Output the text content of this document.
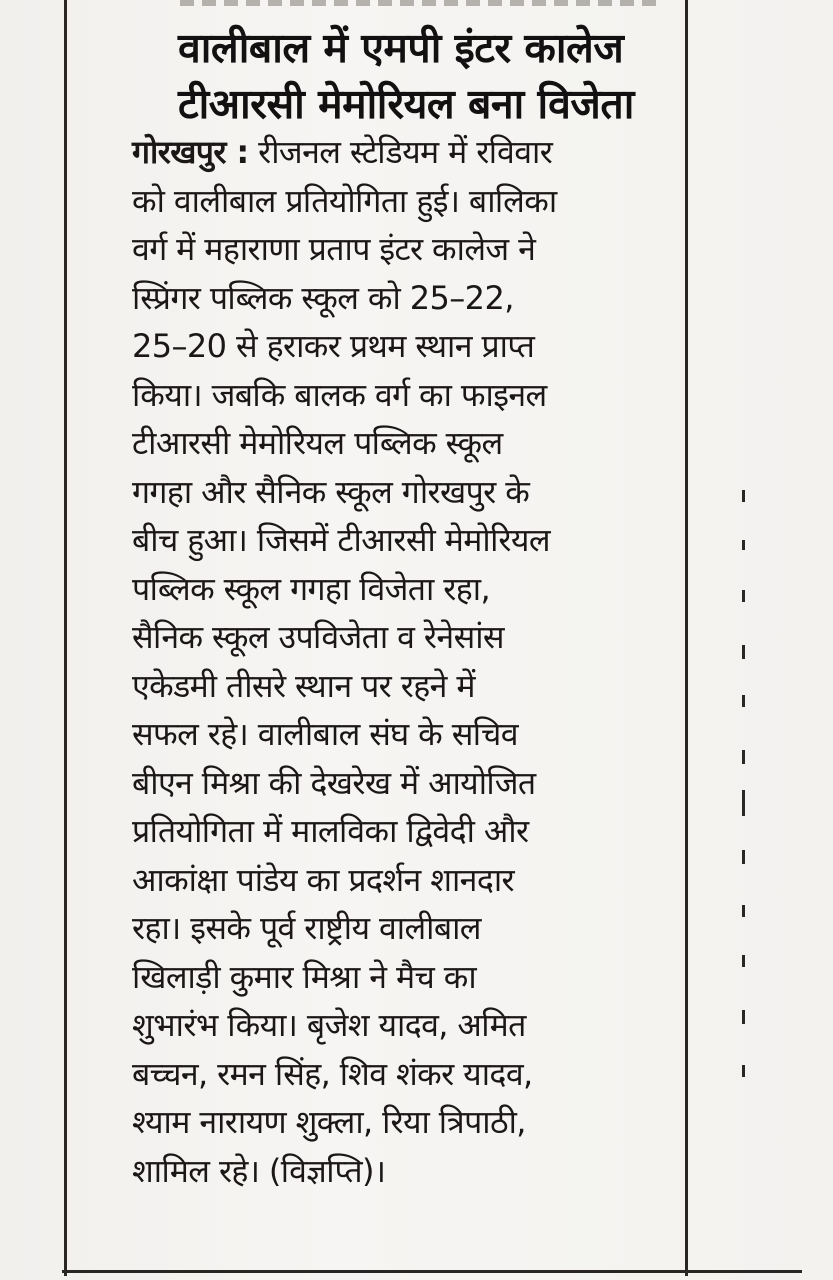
वालीबाल में एमपी इंटर कालेज
टीआरसी मेमोरियल बना विजेता
गोरखपुर : रीजनल स्टेडियम में रविवार
को वालीबाल प्रतियोगिता हुई। बालिका
वर्ग में महाराणा प्रताप इंटर कालेज ने
स्प्रिंगर पब्लिक स्कूल को 25–22,
25–20 से हराकर प्रथम स्थान प्राप्त
किया। जबकि बालक वर्ग का फाइनल
टीआरसी मेमोरियल पब्लिक स्कूल
गगहा और सैनिक स्कूल गोरखपुर के
बीच हुआ। जिसमें टीआरसी मेमोरियल
पब्लिक स्कूल गगहा विजेता रहा,
सैनिक स्कूल उपविजेता व रेनेसांस
एकेडमी तीसरे स्थान पर रहने में
सफल रहे। वालीबाल संघ के सचिव
बीएन मिश्रा की देखरेख में आयोजित
प्रतियोगिता में मालविका द्विवेदी और
आकांक्षा पांडेय का प्रदर्शन शानदार
रहा। इसके पूर्व राष्ट्रीय वालीबाल
खिलाड़ी कुमार मिश्रा ने मैच का
शुभारंभ किया। बृजेश यादव, अमित
बच्चन, रमन सिंह, शिव शंकर यादव,
श्याम नारायण शुक्ला, रिया त्रिपाठी,
शामिल रहे। (विज्ञप्ति)।
